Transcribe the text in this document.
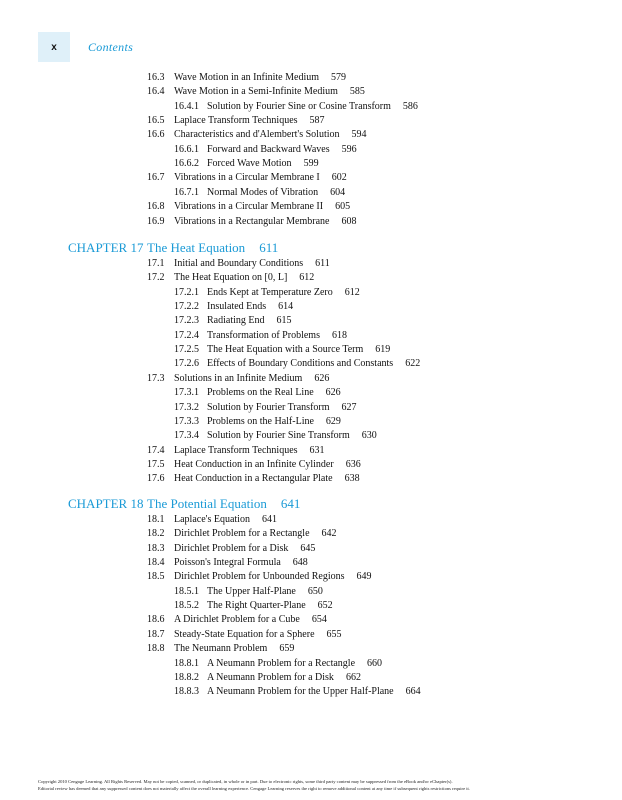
x	Contents
16.3 Wave Motion in an Infinite Medium 579
16.4 Wave Motion in a Semi-Infinite Medium 585
16.4.1 Solution by Fourier Sine or Cosine Transform 586
16.5 Laplace Transform Techniques 587
16.6 Characteristics and d'Alembert's Solution 594
16.6.1 Forward and Backward Waves 596
16.6.2 Forced Wave Motion 599
16.7 Vibrations in a Circular Membrane I 602
16.7.1 Normal Modes of Vibration 604
16.8 Vibrations in a Circular Membrane II 605
16.9 Vibrations in a Rectangular Membrane 608
CHAPTER 17 The Heat Equation 611
17.1 Initial and Boundary Conditions 611
17.2 The Heat Equation on [0, L] 612
17.2.1 Ends Kept at Temperature Zero 612
17.2.2 Insulated Ends 614
17.2.3 Radiating End 615
17.2.4 Transformation of Problems 618
17.2.5 The Heat Equation with a Source Term 619
17.2.6 Effects of Boundary Conditions and Constants 622
17.3 Solutions in an Infinite Medium 626
17.3.1 Problems on the Real Line 626
17.3.2 Solution by Fourier Transform 627
17.3.3 Problems on the Half-Line 629
17.3.4 Solution by Fourier Sine Transform 630
17.4 Laplace Transform Techniques 631
17.5 Heat Conduction in an Infinite Cylinder 636
17.6 Heat Conduction in a Rectangular Plate 638
CHAPTER 18 The Potential Equation 641
18.1 Laplace's Equation 641
18.2 Dirichlet Problem for a Rectangle 642
18.3 Dirichlet Problem for a Disk 645
18.4 Poisson's Integral Formula 648
18.5 Dirichlet Problem for Unbounded Regions 649
18.5.1 The Upper Half-Plane 650
18.5.2 The Right Quarter-Plane 652
18.6 A Dirichlet Problem for a Cube 654
18.7 Steady-State Equation for a Sphere 655
18.8 The Neumann Problem 659
18.8.1 A Neumann Problem for a Rectangle 660
18.8.2 A Neumann Problem for a Disk 662
18.8.3 A Neumann Problem for the Upper Half-Plane 664
Copyright 2010 Cengage Learning. All Rights Reserved. May not be copied, scanned, or duplicated, in whole or in part. Due to electronic rights, some third party content may be suppressed from the eBook and/or eChapter(s).
Editorial review has deemed that any suppressed content does not materially affect the overall learning experience. Cengage Learning reserves the right to remove additional content at any time if subsequent rights restrictions require it.
